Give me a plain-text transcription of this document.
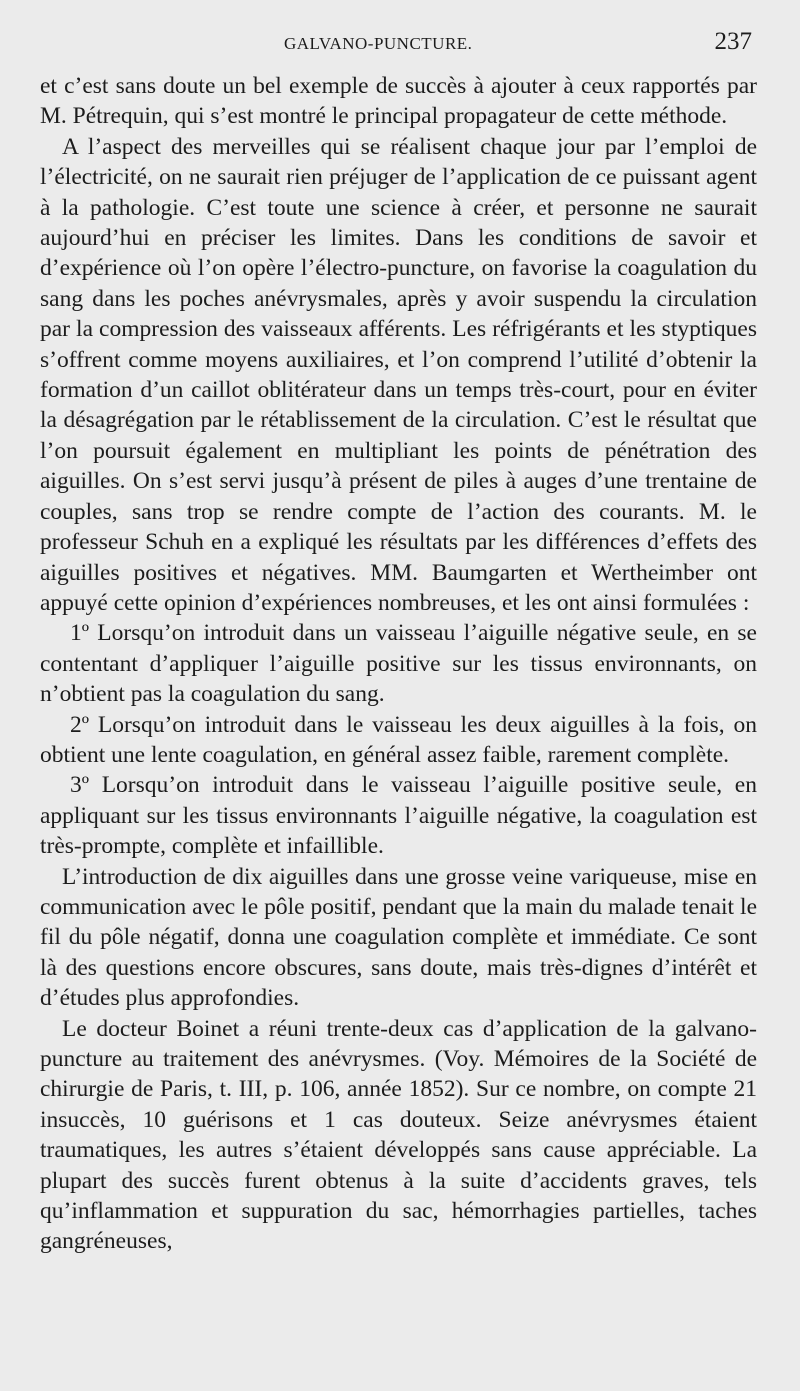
GALVANO-PUNCTURE.	237

et c’est sans doute un bel exemple de succès à ajouter à ceux rapportés par M. Pétrequin, qui s’est montré le principal propagateur de cette méthode.

A l’aspect des merveilles qui se réalisent chaque jour par l’emploi de l’électricité, on ne saurait rien préjuger de l’application de ce puissant agent à la pathologie. C’est toute une science à créer, et personne ne saurait aujourd’hui en préciser les limites. Dans les conditions de savoir et d’expérience où l’on opère l’électro-puncture, on favorise la coagulation du sang dans les poches anévrysmales, après y avoir suspendu la circulation par la compression des vaisseaux afférents. Les réfrigérants et les styptiques s’offrent comme moyens auxiliaires, et l’on comprend l’utilité d’obtenir la formation d’un caillot oblitérateur dans un temps très-court, pour en éviter la désagrégation par le rétablissement de la circulation. C’est le résultat que l’on poursuit également en multipliant les points de pénétration des aiguilles. On s’est servi jusqu’à présent de piles à auges d’une trentaine de couples, sans trop se rendre compte de l’action des courants. M. le professeur Schuh en a expliqué les résultats par les différences d’effets des aiguilles positives et négatives. MM. Baumgarten et Wertheimber ont appuyé cette opinion d’expériences nombreuses, et les ont ainsi formulées :

1º Lorsqu’on introduit dans un vaisseau l’aiguille négative seule, en se contentant d’appliquer l’aiguille positive sur les tissus environnants, on n’obtient pas la coagulation du sang.

2º Lorsqu’on introduit dans le vaisseau les deux aiguilles à la fois, on obtient une lente coagulation, en général assez faible, rarement complète.

3º Lorsqu’on introduit dans le vaisseau l’aiguille positive seule, en appliquant sur les tissus environnants l’aiguille négative, la coagulation est très-prompte, complète et infaillible.

L’introduction de dix aiguilles dans une grosse veine variqueuse, mise en communication avec le pôle positif, pendant que la main du malade tenait le fil du pôle négatif, donna une coagulation complète et immédiate. Ce sont là des questions encore obscures, sans doute, mais très-dignes d’intérêt et d’études plus approfondies.

Le docteur Boinet a réuni trente-deux cas d’application de la galvano-puncture au traitement des anévrysmes. (Voy. Mémoires de la Société de chirurgie de Paris, t. III, p. 106, année 1852). Sur ce nombre, on compte 21 insuccès, 10 guérisons et 1 cas douteux. Seize anévrysmes étaient traumatiques, les autres s’étaient développés sans cause appréciable. La plupart des succès furent obtenus à la suite d’accidents graves, tels qu’inflammation et suppuration du sac, hémorrhagies partielles, taches gangréneuses,
